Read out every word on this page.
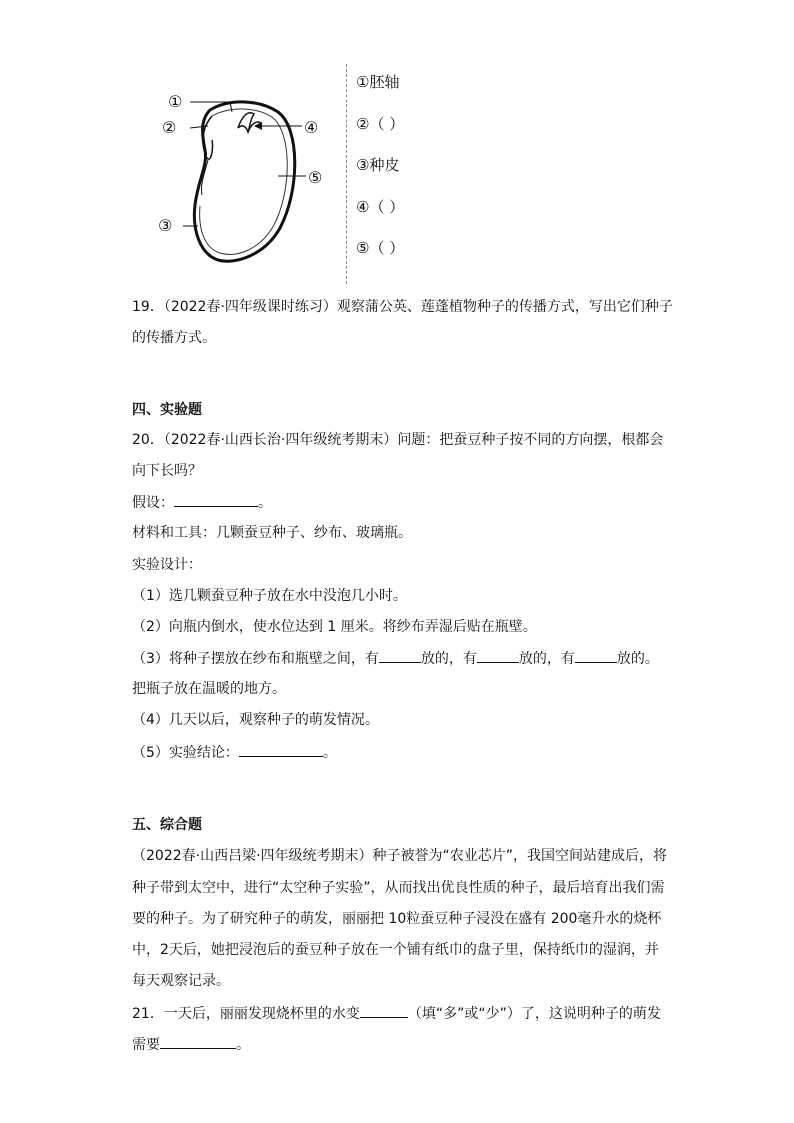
①
②
③
④
⑤
①胚轴
②（ ）
③种皮
④（ ）
⑤（ ）
19．（2022春·四年级课时练习）观察蒲公英、莲蓬植物种子的传播方式，写出它们种子
的传播方式。
四、实验题
20．（2022春·山西长治·四年级统考期末）问题：把蚕豆种子按不同的方向摆，根都会
向下长吗？
假设：	。
材料和工具：几颗蚕豆种子、纱布、玻璃瓶。
实验设计：
（1）选几颗蚕豆种子放在水中没泡几小时。
（2）向瓶内倒水，使水位达到 1 厘米。将纱布弄湿后贴在瓶壁。
（3）将种子摆放在纱布和瓶壁之间，有	放的，有	放的，有	放的。
把瓶子放在温暖的地方。
（4）几天以后，观察种子的萌发情况。
（5）实验结论：	。
五、综合题
（2022春·山西吕梁·四年级统考期末）种子被誉为“农业芯片”，我国空间站建成后，将
种子带到太空中，进行“太空种子实验”，从而找出优良性质的种子，最后培育出我们需
要的种子。为了研究种子的萌发，丽丽把 10粒蚕豆种子浸没在盛有 200毫升水的烧杯
中，2天后，她把浸泡后的蚕豆种子放在一个铺有纸巾的盘子里，保持纸巾的湿润，并
每天观察记录。
21．一天后，丽丽发现烧杯里的水变	（填“多”或“少”）了，这说明种子的萌发
需要	。
